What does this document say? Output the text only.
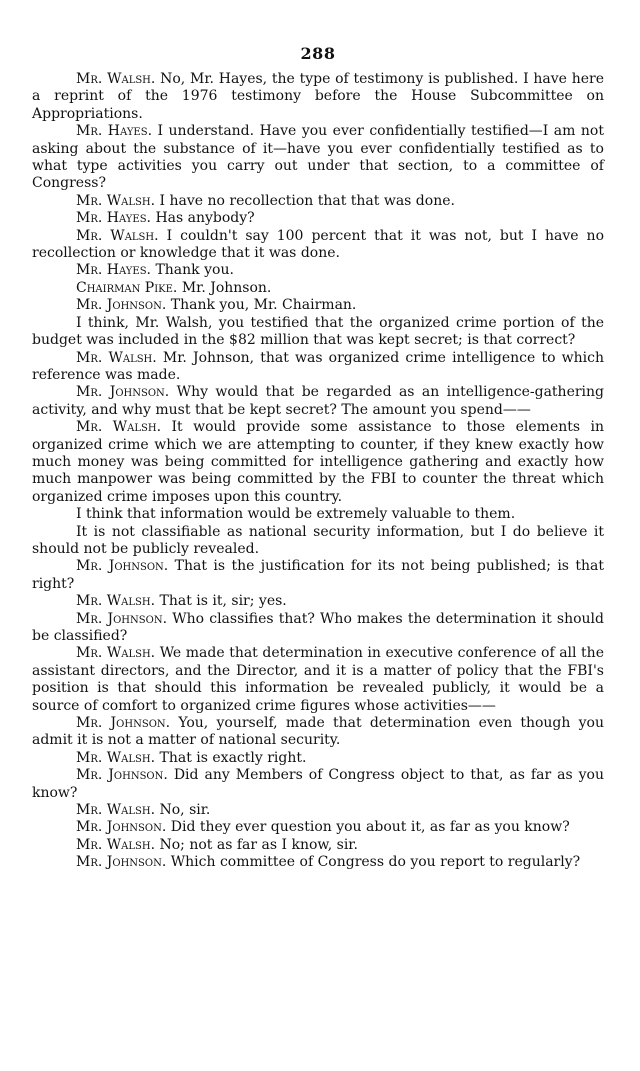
288

Mr. Walsh. No, Mr. Hayes, the type of testimony is published. I have here a reprint of the 1976 testimony before the House Subcommittee on Appropriations.

Mr. Hayes. I understand. Have you ever confidentially testified—I am not asking about the substance of it—have you ever confidentially testified as to what type activities you carry out under that section, to a committee of Congress?

Mr. Walsh. I have no recollection that that was done.

Mr. Hayes. Has anybody?

Mr. Walsh. I couldn't say 100 percent that it was not, but I have no recollection or knowledge that it was done.

Mr. Hayes. Thank you.

Chairman Pike. Mr. Johnson.

Mr. Johnson. Thank you, Mr. Chairman.

I think, Mr. Walsh, you testified that the organized crime portion of the budget was included in the $82 million that was kept secret; is that correct?

Mr. Walsh. Mr. Johnson, that was organized crime intelligence to which reference was made.

Mr. Johnson. Why would that be regarded as an intelligence-gathering activity, and why must that be kept secret? The amount you spend——

Mr. Walsh. It would provide some assistance to those elements in organized crime which we are attempting to counter, if they knew exactly how much money was being committed for intelligence gathering and exactly how much manpower was being committed by the FBI to counter the threat which organized crime imposes upon this country.

I think that information would be extremely valuable to them.

It is not classifiable as national security information, but I do believe it should not be publicly revealed.

Mr. Johnson. That is the justification for its not being published; is that right?

Mr. Walsh. That is it, sir; yes.

Mr. Johnson. Who classifies that? Who makes the determination it should be classified?

Mr. Walsh. We made that determination in executive conference of all the assistant directors, and the Director, and it is a matter of policy that the FBI's position is that should this information be revealed publicly, it would be a source of comfort to organized crime figures whose activities——

Mr. Johnson. You, yourself, made that determination even though you admit it is not a matter of national security.

Mr. Walsh. That is exactly right.

Mr. Johnson. Did any Members of Congress object to that, as far as you know?

Mr. Walsh. No, sir.

Mr. Johnson. Did they ever question you about it, as far as you know?

Mr. Walsh. No; not as far as I know, sir.

Mr. Johnson. Which committee of Congress do you report to regularly?
